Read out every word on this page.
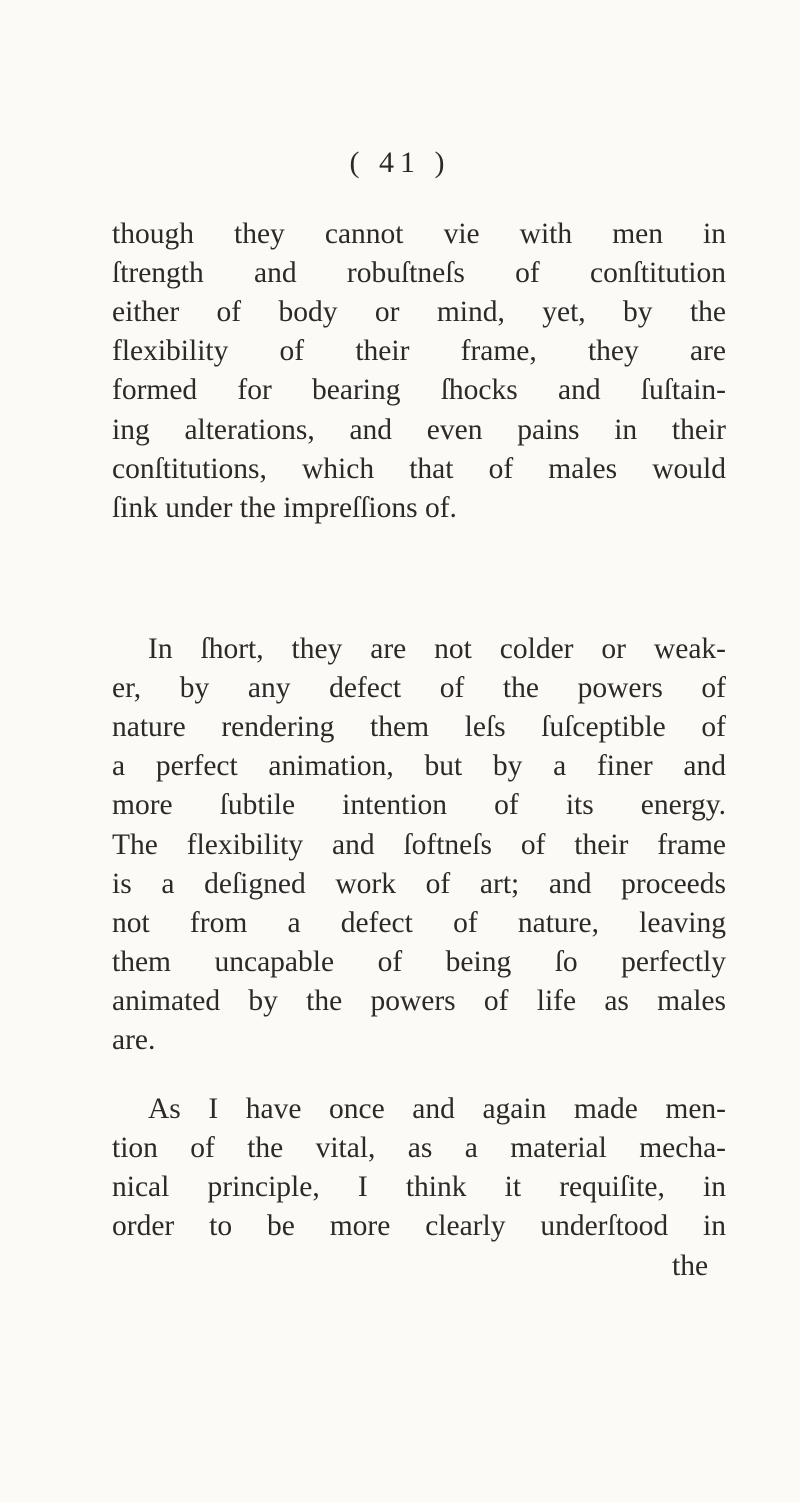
( 41 )
though they cannot vie with men in
ſtrength and robuſtneſs of conſtitution
either of body or mind, yet, by the
flexibility of their frame, they are
formed for bearing ſhocks and ſuſtain-
ing alterations, and even pains in their
conſtitutions, which that of males would
ſink under the impreſſions of.
In ſhort, they are not colder or weak-
er, by any defect of the powers of
nature rendering them leſs ſuſceptible of
a perfect animation, but by a finer and
more ſubtile intention of its energy.
The flexibility and ſoftneſs of their frame
is a deſigned work of art; and proceeds
not from a defect of nature, leaving
them uncapable of being ſo perfectly
animated by the powers of life as males
are.
As I have once and again made men-
tion of the vital, as a material mecha-
nical principle, I think it requiſite, in
order to be more clearly underſtood in
the
